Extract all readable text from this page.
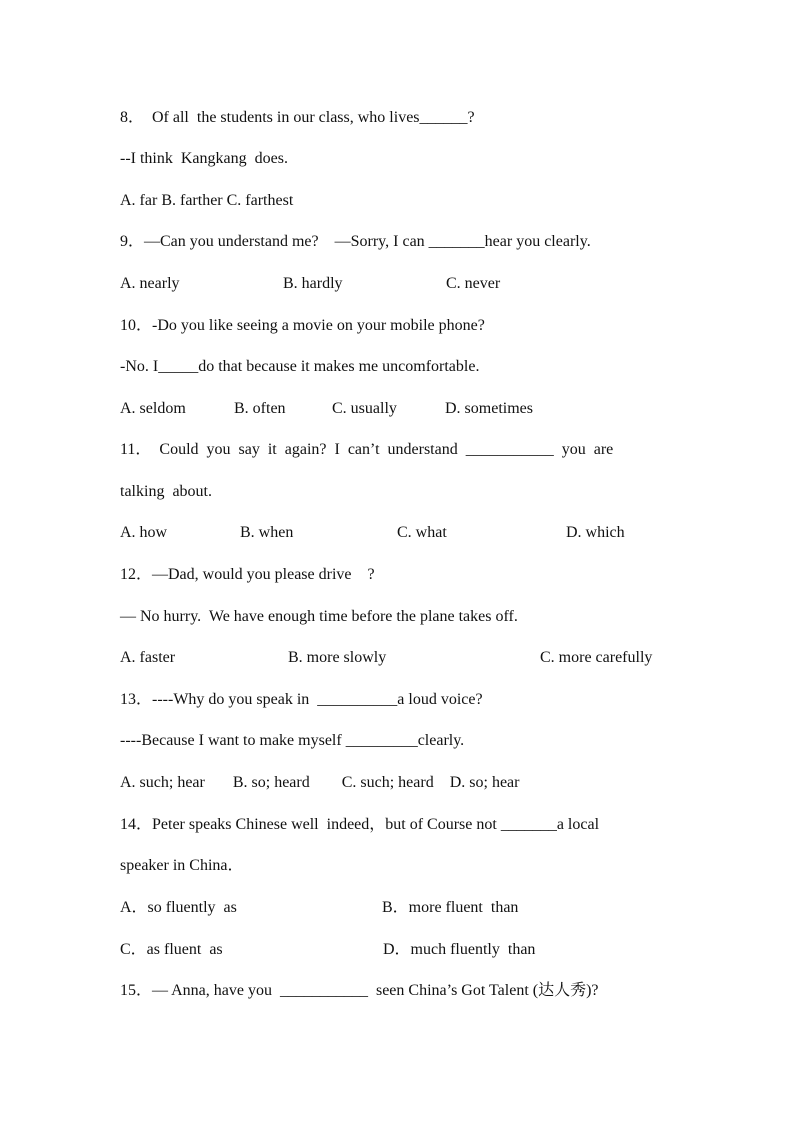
8．  Of all  the students in our class, who lives______?
--I think  Kangkang  does.
A. far B. farther C. farthest
9．—Can you understand me?    —Sorry, I can _______hear you clearly.
A. nearly	B. hardly	C. never
10．-Do you like seeing a movie on your mobile phone?
-No. I_____do that because it makes me uncomfortable.
A. seldom	B. often	C. usually	D. sometimes
11．  Could  you  say  it  again?  I  can’t  understand  ___________  you  are
talking  about.
A. how	B. when	C. what	D. which
12．—Dad, would you please drive    ?
— No hurry.  We have enough time before the plane takes off.
A. faster	B. more slowly	C. more carefully
13．----Why do you speak in  __________a loud voice?
----Because I want to make myself _________clearly.
A. such; hear       B. so; heard        C. such; heard    D. so; hear
14．Peter speaks Chinese well  indeed，but of Course not _______a local
speaker in China．
A．so fluently  as	B．more fluent  than
C．as fluent  as	D．much fluently  than
15．— Anna, have you  ___________  seen China’s Got Talent (达人秀)?
